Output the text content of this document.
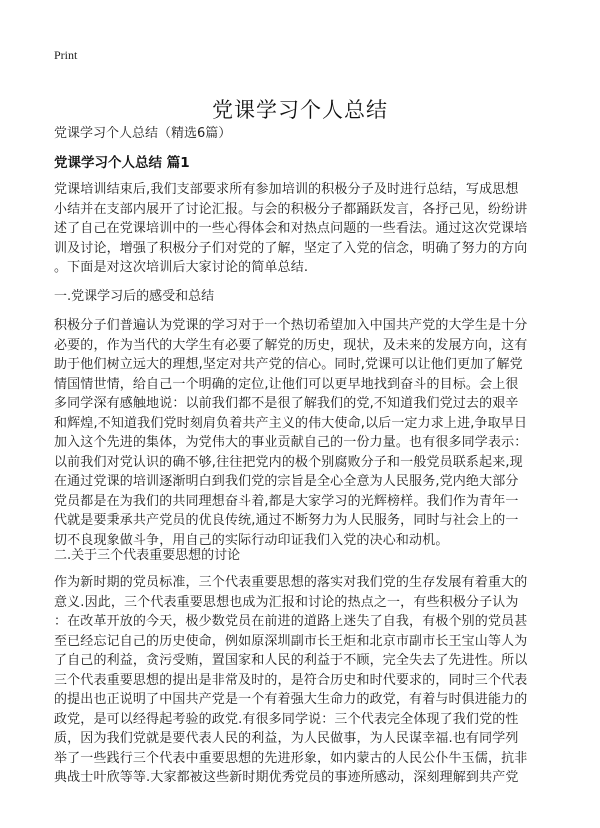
Print
党课学习个人总结
党课学习个人总结（精选6篇）
党课学习个人总结 篇1

党课培训结束后,我们支部要求所有参加培训的积极分子及时进行总结，写成思想
小结并在支部内展开了讨论汇报。与会的积极分子都踊跃发言，各抒己见，纷纷讲
述了自己在党课培训中的一些心得体会和对热点问题的一些看法。通过这次党课培
训及讨论，增强了积极分子们对党的了解，坚定了入党的信念，明确了努力的方向
。下面是对这次培训后大家讨论的简单总结.

一.党课学习后的感受和总结

积极分子们普遍认为党课的学习对于一个热切希望加入中国共产党的大学生是十分
必要的，作为当代的大学生有必要了解党的历史，现状，及未来的发展方向，这有
助于他们树立远大的理想,坚定对共产党的信心。同时,党课可以让他们更加了解党
情国情世情，给自己一个明确的定位,让他们可以更早地找到奋斗的目标。会上很
多同学深有感触地说：以前我们都不是很了解我们的党,不知道我们党过去的艰辛
和辉煌,不知道我们党时刻肩负着共产主义的伟大使命,以后一定力求上进,争取早日
加入这个先进的集体，为党伟大的事业贡献自己的一份力量。也有很多同学表示：
以前我们对党认识的确不够,往往把党内的极个别腐败分子和一般党员联系起来,现
在通过党课的培训逐渐明白到我们党的宗旨是全心全意为人民服务,党内绝大部分
党员都是在为我们的共同理想奋斗着,都是大家学习的光辉榜样。我们作为青年一
代就是要秉承共产党员的优良传统,通过不断努力为人民服务，同时与社会上的一
切不良现象做斗争，用自己的实际行动印证我们入党的决心和动机。

二.关于三个代表重要思想的讨论

作为新时期的党员标准，三个代表重要思想的落实对我们党的生存发展有着重大的
意义.因此，三个代表重要思想也成为汇报和讨论的热点之一，有些积极分子认为
：在改革开放的今天，极少数党员在前进的道路上迷失了自我，有极个别的党员甚
至已经忘记自己的历史使命，例如原深圳副市长王炬和北京市副市长王宝山等人为
了自己的利益，贪污受贿，置国家和人民的利益于不顾，完全失去了先进性。所以
三个代表重要思想的提出是非常及时的，是符合历史和时代要求的，同时三个代表
的提出也正说明了中国共产党是一个有着强大生命力的政党，有着与时俱进能力的
政党，是可以经得起考验的政党.有很多同学说：三个代表完全体现了我们党的性
质，因为我们党就是要代表人民的利益，为人民做事，为人民谋幸福.也有同学列
举了一些践行三个代表中重要思想的先进形象，如内蒙古的人民公仆牛玉儒，抗非
典战士叶欣等等.大家都被这些新时期优秀党员的事迹所感动，深刻理解到共产党
